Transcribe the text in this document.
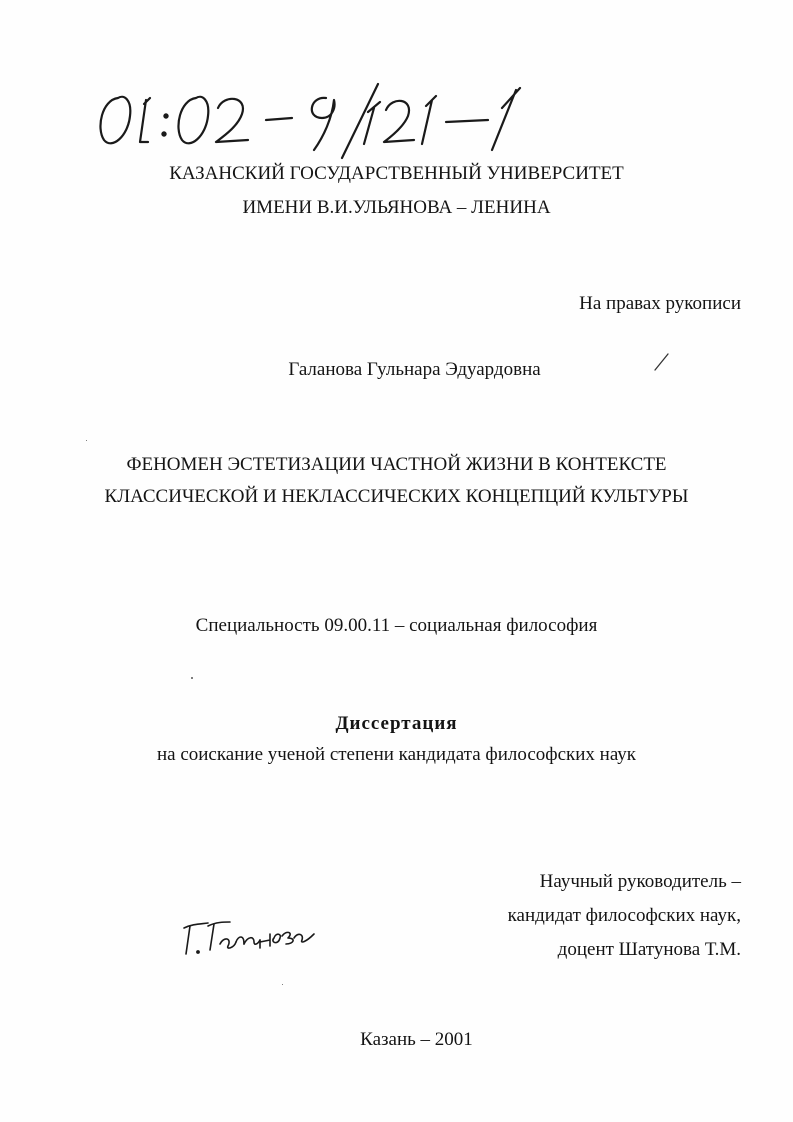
КАЗАНСКИЙ ГОСУДАРСТВЕННЫЙ УНИВЕРСИТЕТ
ИМЕНИ В.И.УЛЬЯНОВА – ЛЕНИНА
На правах рукописи
Галанова Гульнара Эдуардовна
ФЕНОМЕН ЭСТЕТИЗАЦИИ ЧАСТНОЙ ЖИЗНИ В КОНТЕКСТЕ
КЛАССИЧЕСКОЙ И НЕКЛАССИЧЕСКИХ КОНЦЕПЦИЙ КУЛЬТУРЫ
Специальность 09.00.11 – социальная философия
Диссертация
на соискание ученой степени кандидата философских наук
Научный руководитель –
кандидат философских наук,
доцент Шатунова Т.М.
Казань – 2001
